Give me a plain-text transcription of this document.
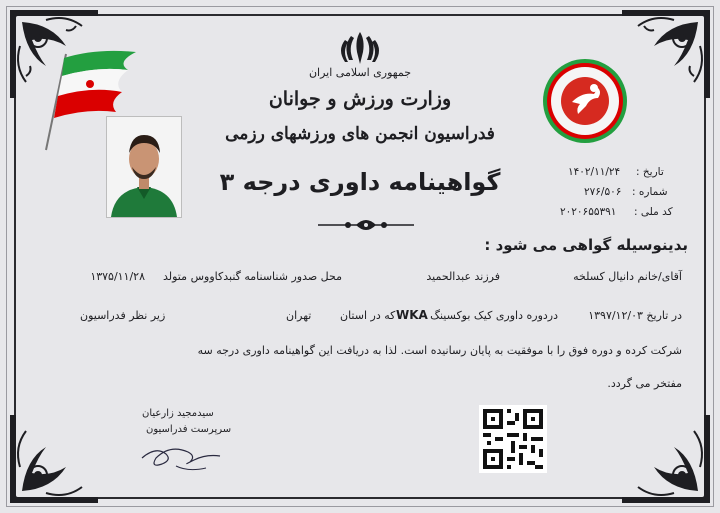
جمهوری اسلامی ایران
وزارت ورزش و جوانان
فدراسیون انجمن های ورزشهای رزمی
گواهینامه داوری درجه ۳	تاریخ :
۱۴۰۲/۱۱/۲۴
شماره :
۲۷۶/۵۰۶
کد ملی :
۲۰۲۰۶۵۵۳۹۱
بدینوسیله گواهی می شود :
آقای/خانم دانیال کسلخه
فرزند عبدالحمید
محل صدور شناسنامه گنبدکاووس
متولد
۱۳۷۵/۱۱/۲۸
در تاریخ ۱۳۹۷/۱۲/۰۳
دردوره داوری کیک بوکسینگ
WKA
که در استان
تهران
زیر نظر فدراسیون
شرکت کرده و دوره فوق را با موفقیت به پایان رسانیده است. لذا به دریافت این گواهینامه داوری درجه سه
مفتخر می گردد.
سیدمجید زارعیان
سرپرست فدراسیون
